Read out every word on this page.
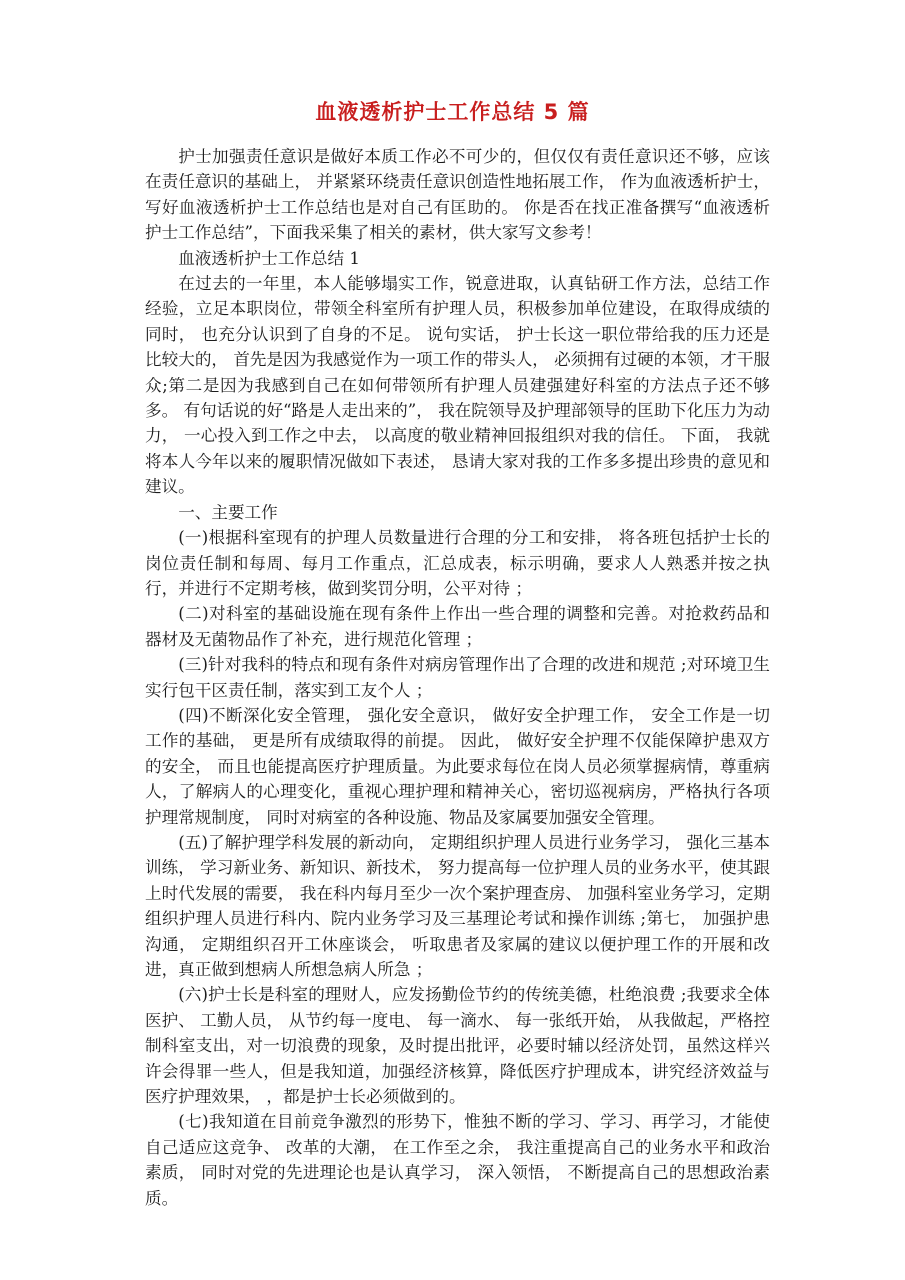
血液透析护士工作总结 5 篇

护士加强责任意识是做好本质工作必不可少的，但仅仅有责任意识还不够，应该在责任意识的基础上， 并紧紧环绕责任意识创造性地拓展工作， 作为血液透析护士， 写好血液透析护士工作总结也是对自己有匡助的。 你是否在找正准备撰写“血液透析护士工作总结”，下面我采集了相关的素材，供大家写文参考！

血液透析护士工作总结 1

在过去的一年里，本人能够塌实工作，锐意进取，认真钻研工作方法，总结工作经验，立足本职岗位，带领全科室所有护理人员，积极参加单位建设，在取得成绩的同时， 也充分认识到了自身的不足。 说句实话， 护士长这一职位带给我的压力还是比较大的， 首先是因为我感觉作为一项工作的带头人， 必须拥有过硬的本领，才干服众;第二是因为我感到自己在如何带领所有护理人员建强建好科室的方法点子还不够多。 有句话说的好“路是人走出来的”， 我在院领导及护理部领导的匡助下化压力为动力， 一心投入到工作之中去， 以高度的敬业精神回报组织对我的信任。 下面， 我就将本人今年以来的履职情况做如下表述， 恳请大家对我的工作多多提出珍贵的意见和建议。

一、主要工作

(一)根据科室现有的护理人员数量进行合理的分工和安排， 将各班包括护士长的岗位责任制和每周、每月工作重点，汇总成表，标示明确，要求人人熟悉并按之执行，并进行不定期考核，做到奖罚分明，公平对待 ；

(二)对科室的基础设施在现有条件上作出一些合理的调整和完善。对抢救药品和器材及无菌物品作了补充，进行规范化管理 ；

(三)针对我科的特点和现有条件对病房管理作出了合理的改进和规范 ;对环境卫生实行包干区责任制，落实到工友个人 ；

(四)不断深化安全管理， 强化安全意识， 做好安全护理工作， 安全工作是一切工作的基础， 更是所有成绩取得的前提。 因此， 做好安全护理不仅能保障护患双方的安全， 而且也能提高医疗护理质量。为此要求每位在岗人员必须掌握病情，尊重病人，了解病人的心理变化，重视心理护理和精神关心，密切巡视病房，严格执行各项护理常规制度， 同时对病室的各种设施、物品及家属要加强安全管理。

(五)了解护理学科发展的新动向， 定期组织护理人员进行业务学习， 强化三基本训练， 学习新业务、新知识、新技术， 努力提高每一位护理人员的业务水平，使其跟上时代发展的需要， 我在科内每月至少一次个案护理查房、 加强科室业务学习，定期组织护理人员进行科内、院内业务学习及三基理论考试和操作训练 ;第七， 加强护患沟通， 定期组织召开工休座谈会， 听取患者及家属的建议以便护理工作的开展和改进，真正做到想病人所想急病人所急 ；

(六)护士长是科室的理财人，应发扬勤俭节约的传统美德，杜绝浪费 ;我要求全体医护、 工勤人员， 从节约每一度电、 每一滴水、 每一张纸开始， 从我做起，严格控制科室支出，对一切浪费的现象，及时提出批评，必要时辅以经济处罚，虽然这样兴许会得罪一些人，但是我知道，加强经济核算，降低医疗护理成本，讲究经济效益与医疗护理效果， ，都是护士长必须做到的。

(七)我知道在目前竞争激烈的形势下，惟独不断的学习、学习、再学习，才能使自己适应这竞争、 改革的大潮， 在工作至之余， 我注重提高自己的业务水平和政治素质， 同时对党的先进理论也是认真学习， 深入领悟， 不断提高自己的思想政治素质。
